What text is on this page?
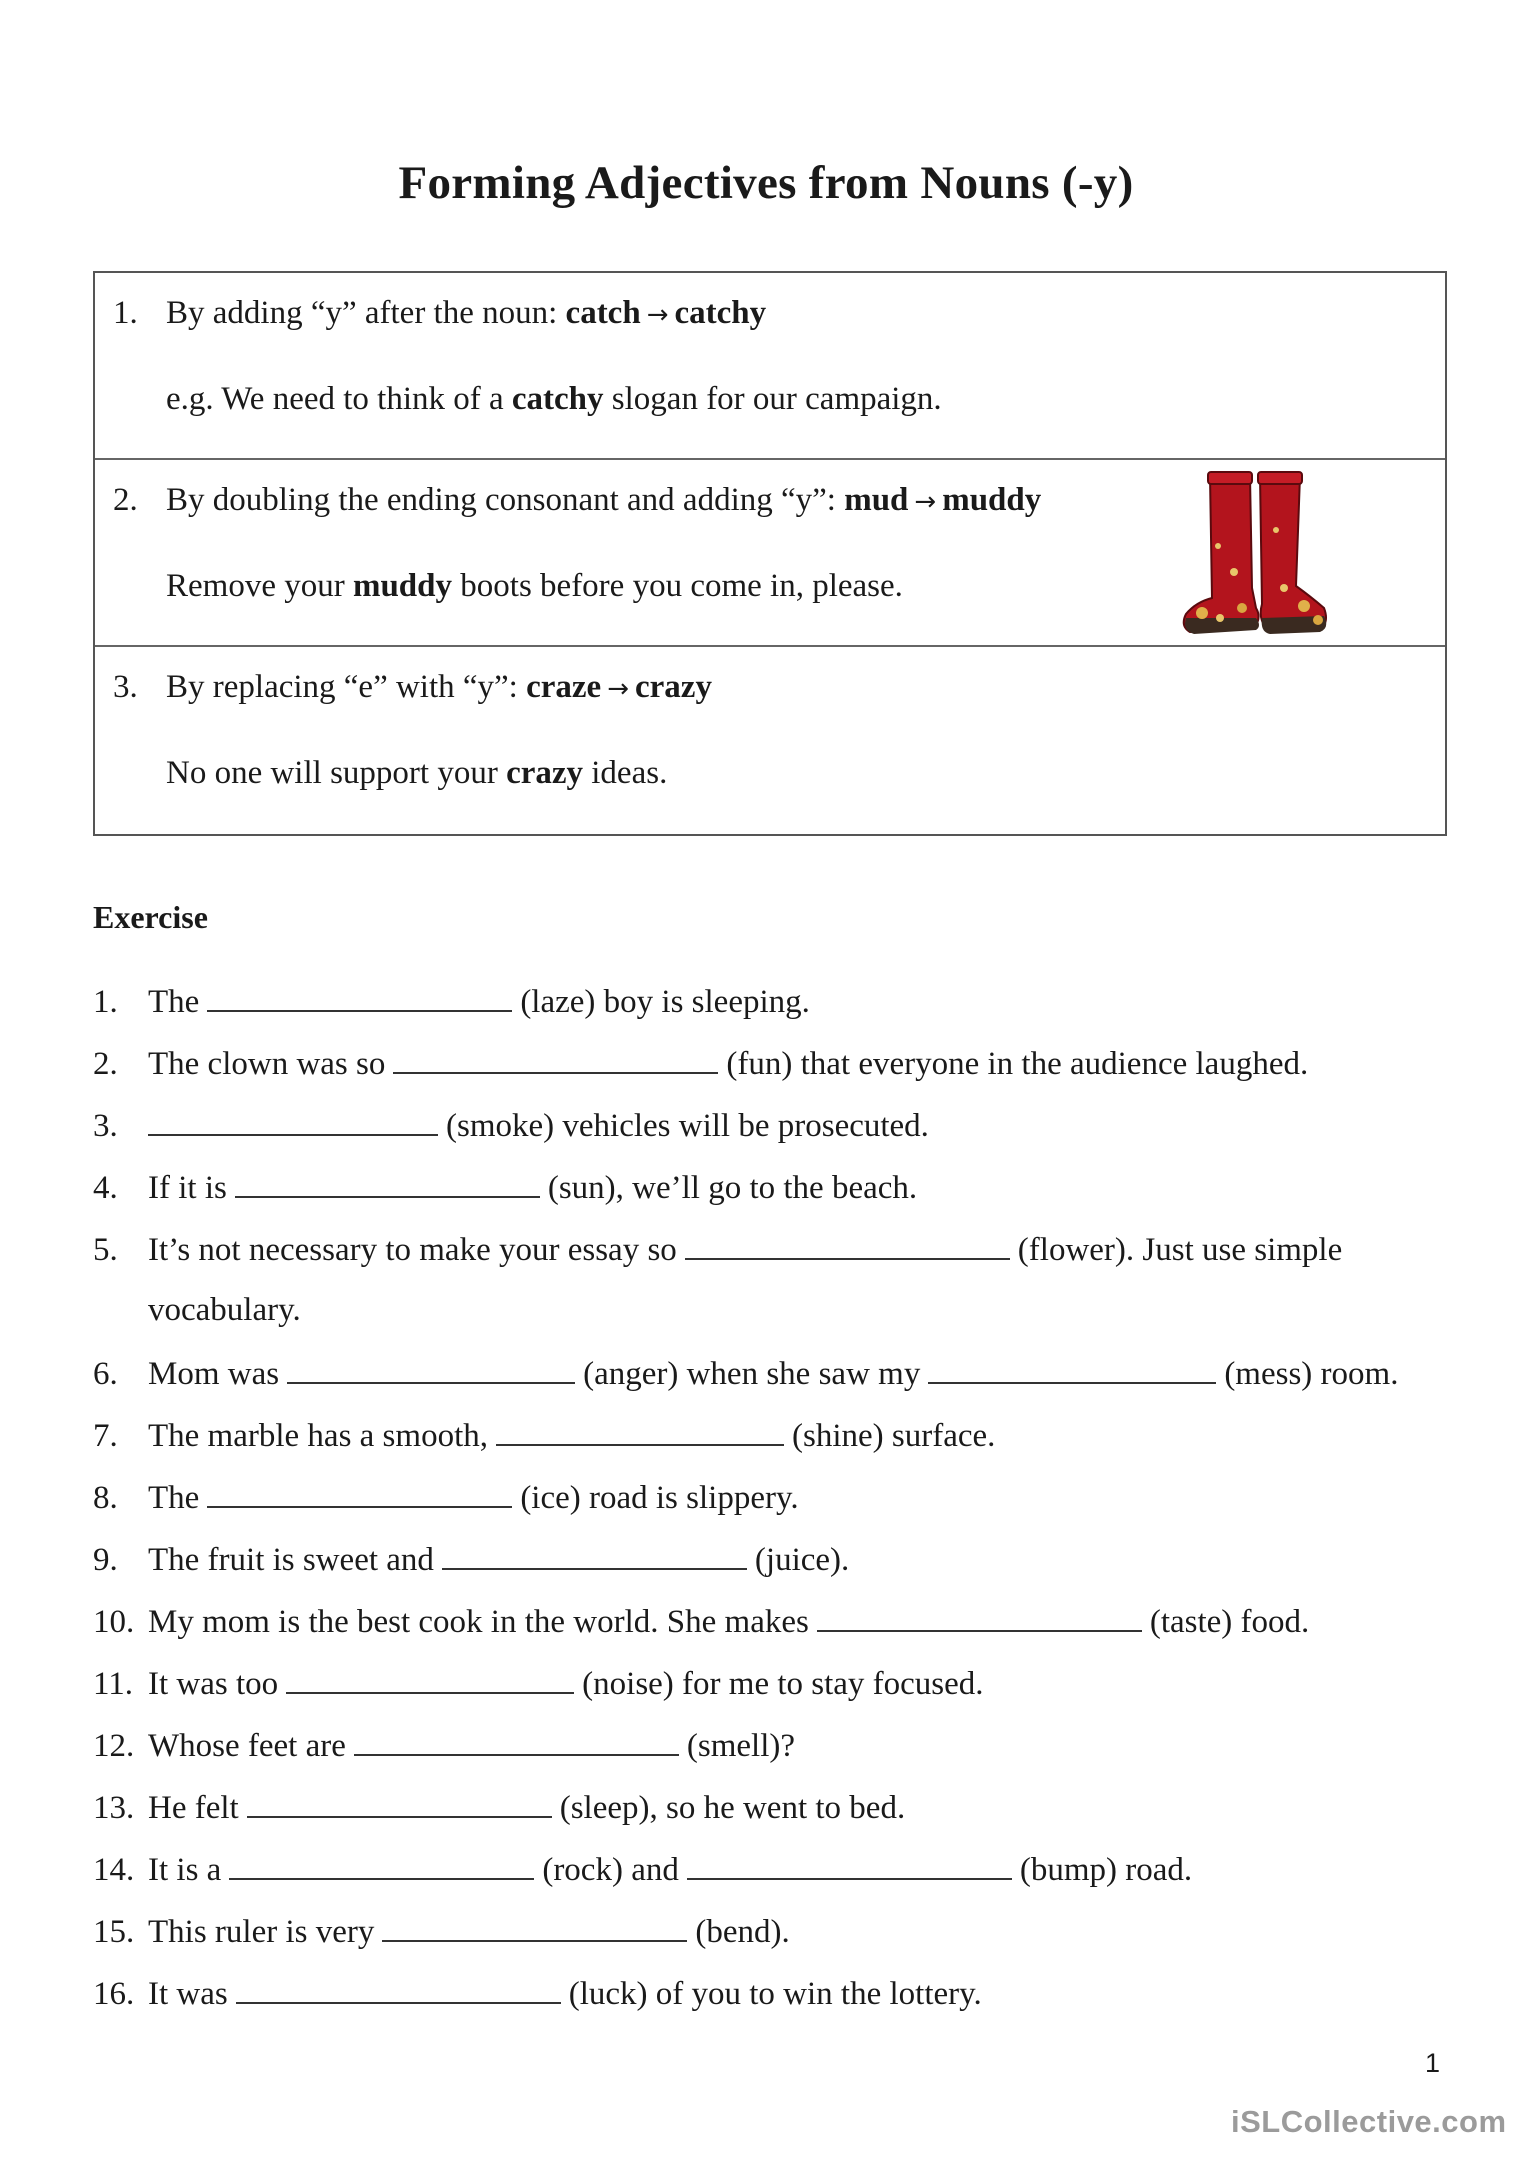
Forming Adjectives from Nouns (-y)
1. By adding “y” after the noun: catch → catchy
e.g. We need to think of a catchy slogan for our campaign.
2. By doubling the ending consonant and adding “y”: mud → muddy
Remove your muddy boots before you come in, please.
3. By replacing “e” with “y”: craze → crazy
No one will support your crazy ideas.
Exercise
1. The	(laze) boy is sleeping.
2. The clown was so	(fun) that everyone in the audience laughed.
3.	(smoke) vehicles will be prosecuted.
4. If it is	(sun), we’ll go to the beach.
5. It’s not necessary to make your essay so	(flower). Just use simple
vocabulary.
6. Mom was	(anger) when she saw my	(mess) room.
7. The marble has a smooth,	(shine) surface.
8. The	(ice) road is slippery.
9. The fruit is sweet and	(juice).
10. My mom is the best cook in the world. She makes	(taste) food.
11. It was too	(noise) for me to stay focused.
12. Whose feet are	(smell)?
13. He felt	(sleep), so he went to bed.
14. It is a	(rock) and	(bump) road.
15. This ruler is very	(bend).
16. It was	(luck) of you to win the lottery.
1
iSLCollective.com
